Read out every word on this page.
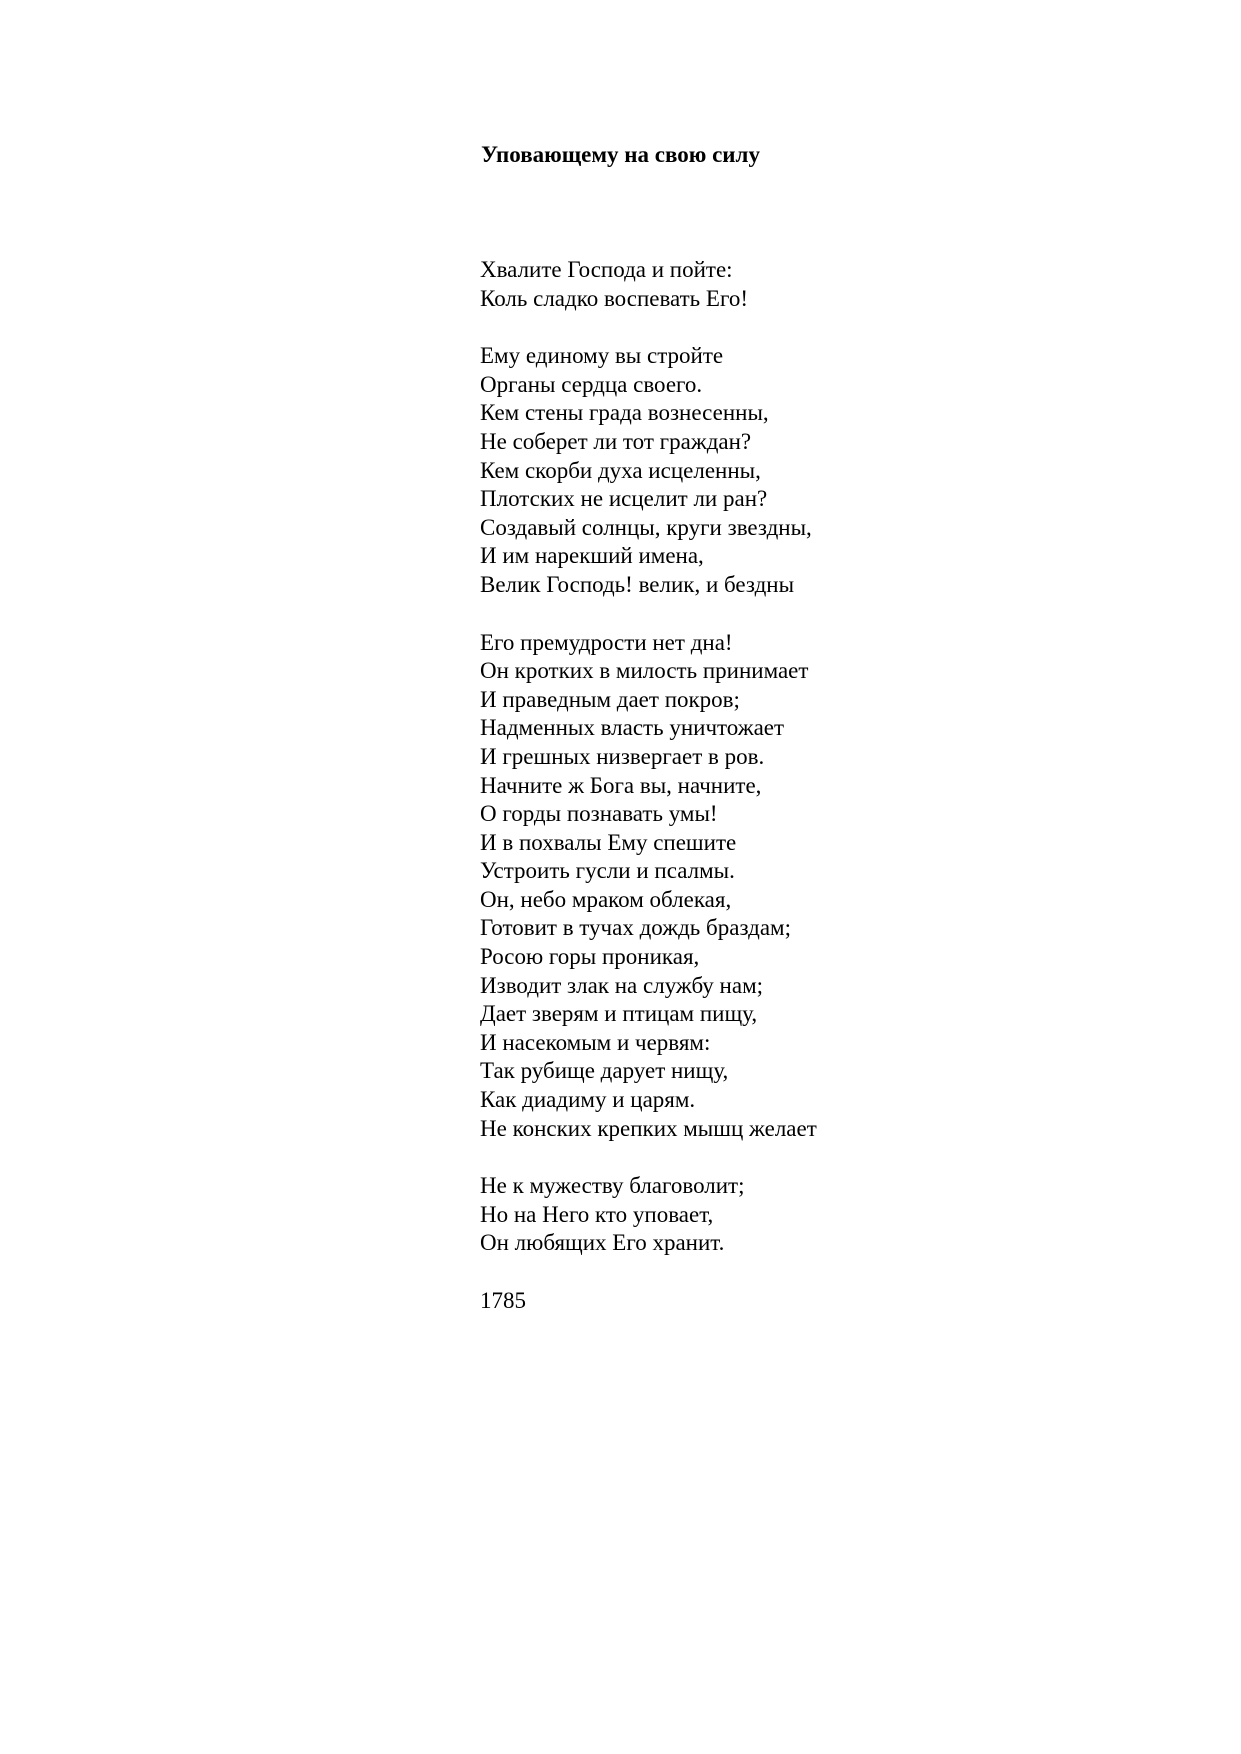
Уповающему на свою силу
Хвалите Господа и пойте:
Коль сладко воспевать Его!
Ему единому вы стройте
Органы сердца своего.
Кем стены града вознесенны,
Не соберет ли тот граждан?
Кем скорби духа исцеленны,
Плотских не исцелит ли ран?
Создавый солнцы, круги звездны,
И им нарекший имена,
Велик Господь! велик, и бездны
Его премудрости нет дна!
Он кротких в милость принимает
И праведным дает покров;
Надменных власть уничтожает
И грешных низвергает в ров.
Начните ж Бога вы, начните,
О горды познавать умы!
И в похвалы Ему спешите
Устроить гусли и псалмы.
Он, небо мраком облекая,
Готовит в тучах дождь браздам;
Росою горы проникая,
Изводит злак на службу нам;
Дает зверям и птицам пищу,
И насекомым и червям:
Так рубище дарует нищу,
Как диадиму и царям.
Не конских крепких мышц желает
Не к мужеству благоволит;
Но на Него кто уповает,
Он любящих Его хранит.
1785
